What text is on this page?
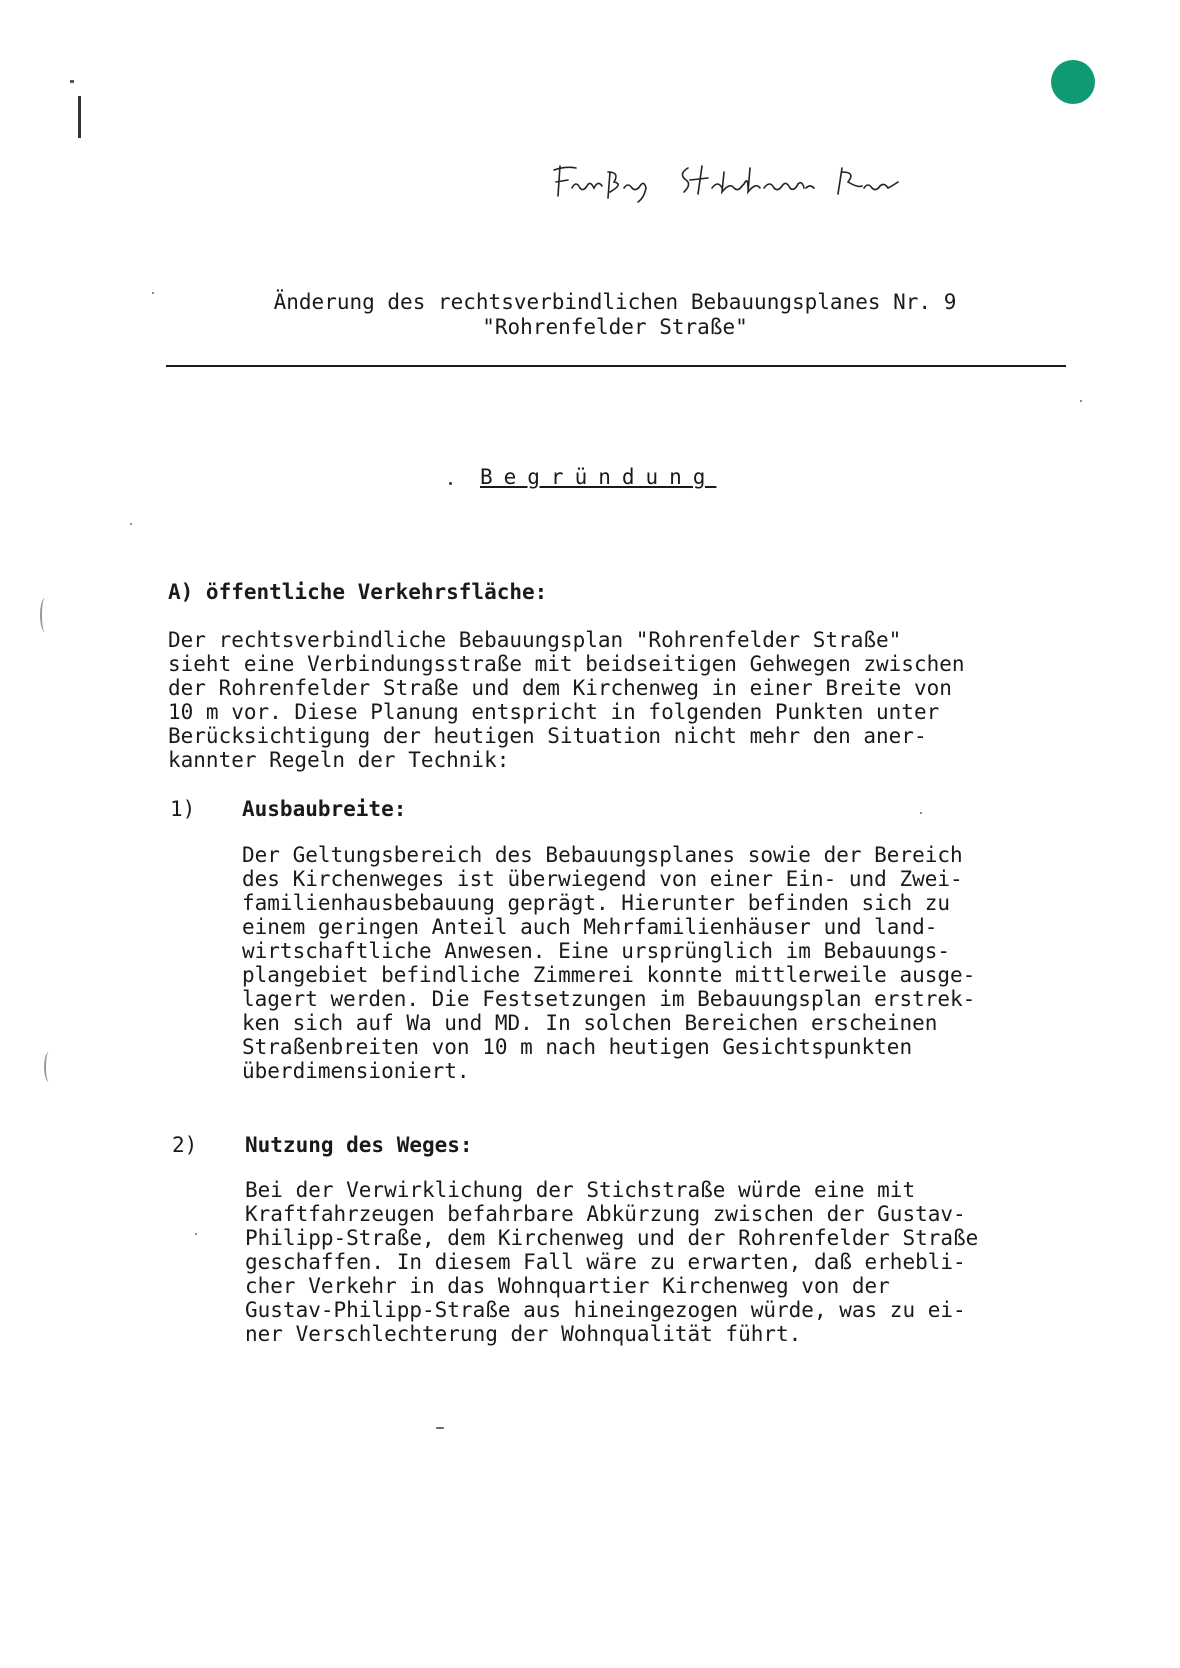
Freiburg Haberhorner Rom
Änderung des rechtsverbindlichen Bebauungsplanes Nr. 9
"Rohrenfelder Straße"
Begründung
A) öffentliche Verkehrsfläche:
Der rechtsverbindliche Bebauungsplan "Rohrenfelder Straße"
sieht eine Verbindungsstraße mit beidseitigen Gehwegen zwischen
der Rohrenfelder Straße und dem Kirchenweg in einer Breite von
10 m vor. Diese Planung entspricht in folgenden Punkten unter
Berücksichtigung der heutigen Situation nicht mehr den aner-
kannter Regeln der Technik:
1) Ausbaubreite:
Der Geltungsbereich des Bebauungsplanes sowie der Bereich
des Kirchenweges ist überwiegend von einer Ein- und Zwei-
familienhausbebauung geprägt. Hierunter befinden sich zu
einem geringen Anteil auch Mehrfamilienhäuser und land-
wirtschaftliche Anwesen. Eine ursprünglich im Bebauungs-
plangebiet befindliche Zimmerei konnte mittlerweile ausge-
lagert werden. Die Festsetzungen im Bebauungsplan erstrek-
ken sich auf Wa und MD. In solchen Bereichen erscheinen
Straßenbreiten von 10 m nach heutigen Gesichtspunkten
überdimensioniert.
2) Nutzung des Weges:
Bei der Verwirklichung der Stichstraße würde eine mit
Kraftfahrzeugen befahrbare Abkürzung zwischen der Gustav-
Philipp-Straße, dem Kirchenweg und der Rohrenfelder Straße
geschaffen. In diesem Fall wäre zu erwarten, daß erhebli-
cher Verkehr in das Wohnquartier Kirchenweg von der
Gustav-Philipp-Straße aus hineingezogen würde, was zu ei-
ner Verschlechterung der Wohnqualität führt.
